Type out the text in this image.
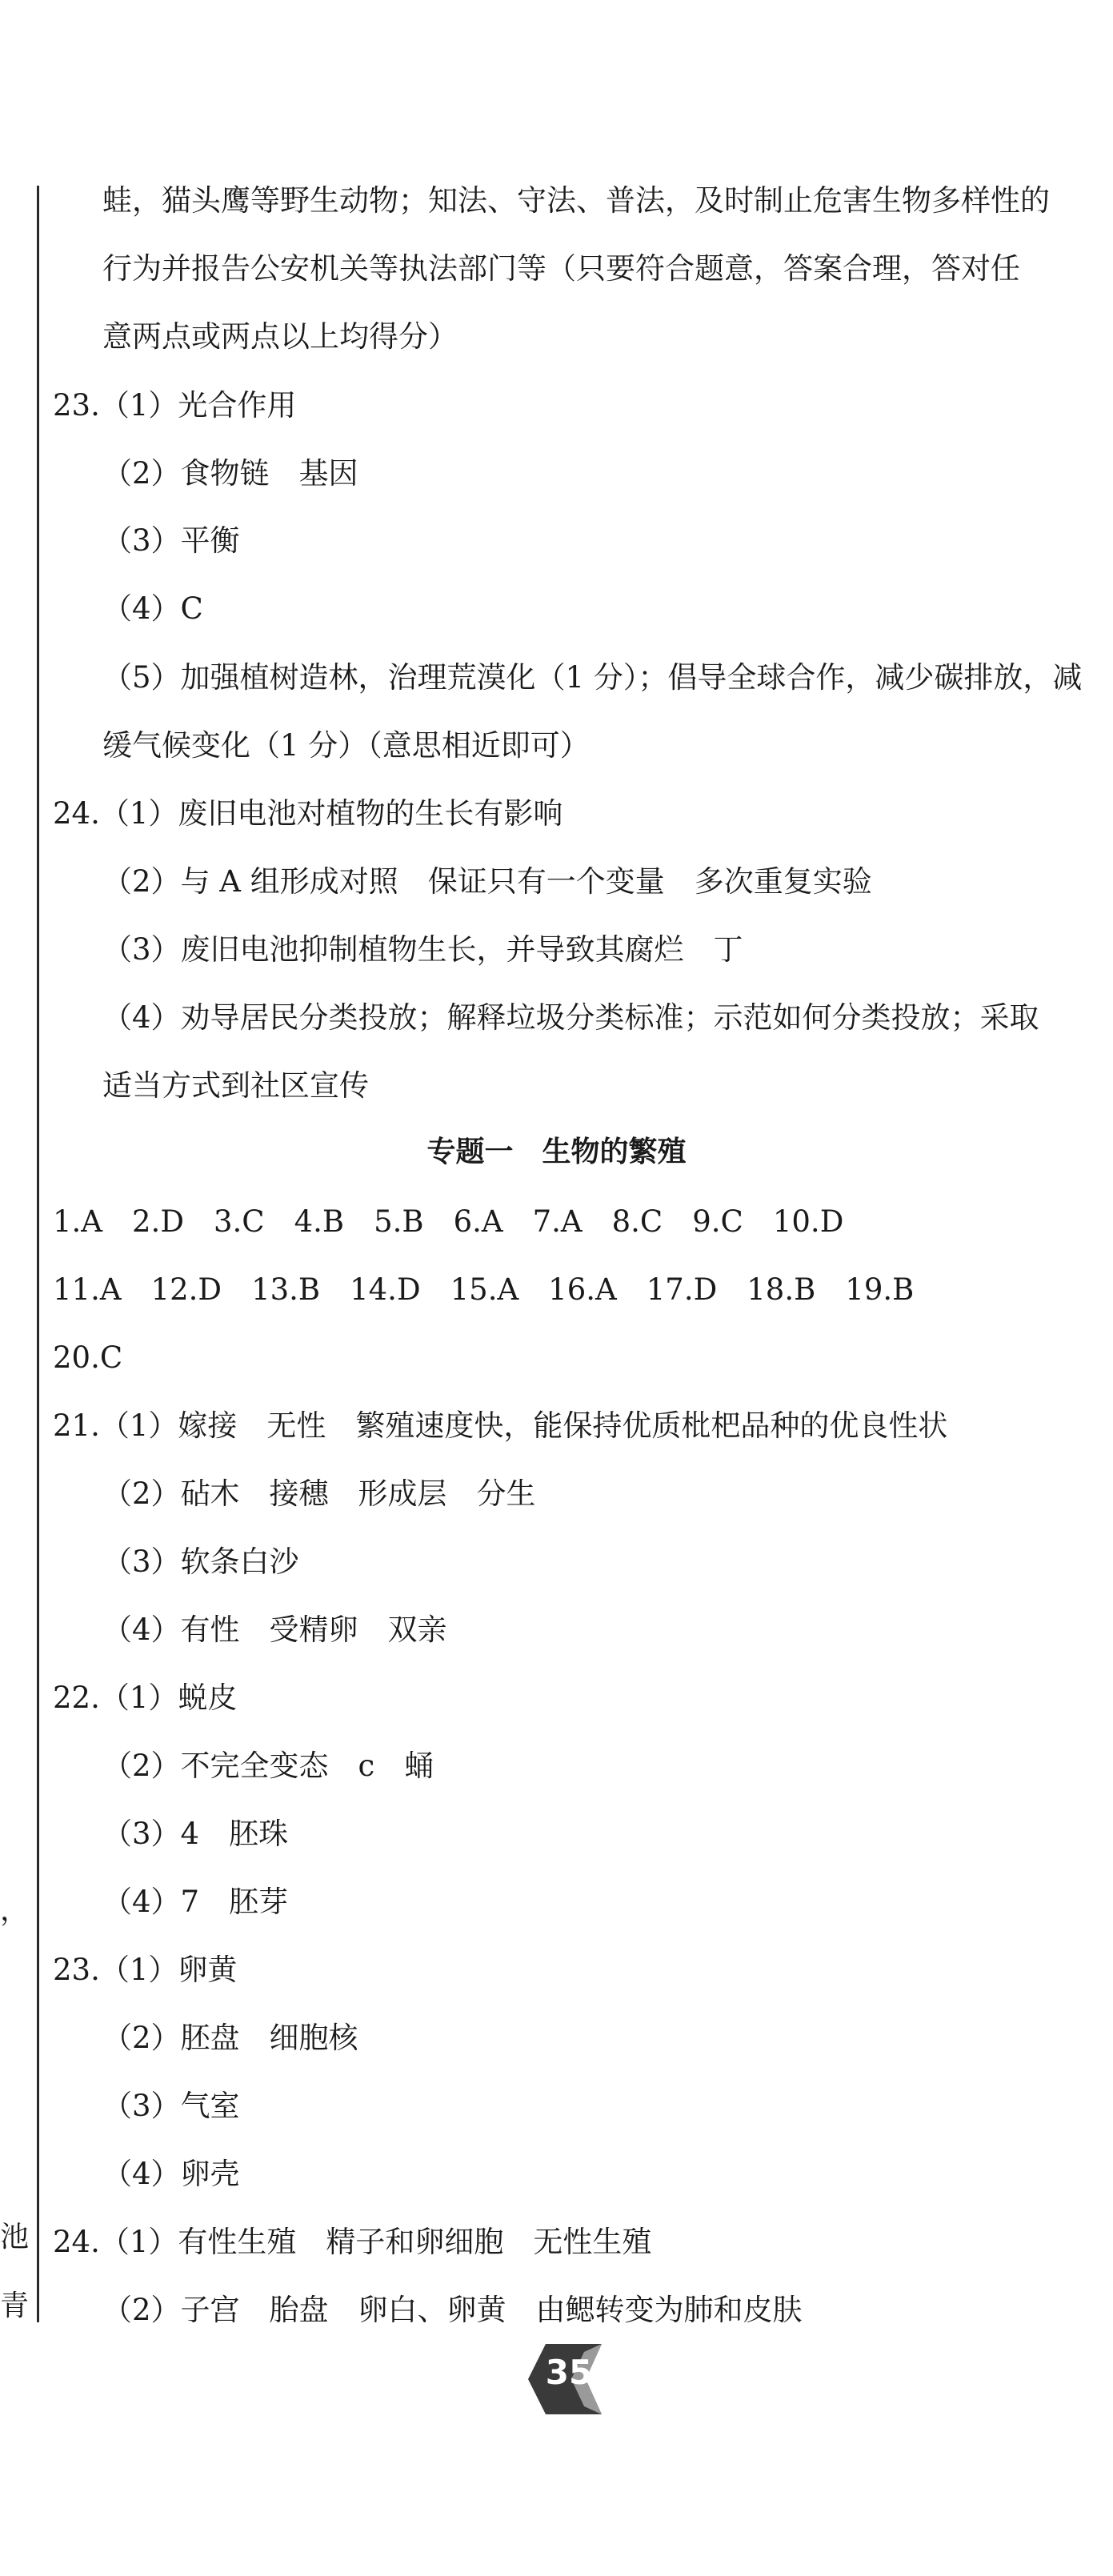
，
池
青
蛙，猫头鹰等野生动物；知法、守法、普法，及时制止危害生物多样性的
行为并报告公安机关等执法部门等（只要符合题意，答案合理，答对任
意两点或两点以上均得分）
23.（1）光合作用
（2）食物链　基因
（3）平衡
（4）C
（5）加强植树造林，治理荒漠化（1 分）；倡导全球合作，减少碳排放，减
缓气候变化（1 分）（意思相近即可）
24.（1）废旧电池对植物的生长有影响
（2）与 A 组形成对照　保证只有一个变量　多次重复实验
（3）废旧电池抑制植物生长，并导致其腐烂　丁
（4）劝导居民分类投放；解释垃圾分类标准；示范如何分类投放；采取
适当方式到社区宣传
专题一　生物的繁殖
1.A　2.D　3.C　4.B　5.B　6.A　7.A　8.C　9.C　10.D
11.A　12.D　13.B　14.D　15.A　16.A　17.D　18.B　19.B
20.C
21.（1）嫁接　无性　繁殖速度快，能保持优质枇杷品种的优良性状
（2）砧木　接穗　形成层　分生
（3）软条白沙
（4）有性　受精卵　双亲
22.（1）蜕皮
（2）不完全变态　c　蛹
（3）4　胚珠
（4）7　胚芽
23.（1）卵黄
（2）胚盘　细胞核
（3）气室
（4）卵壳
24.（1）有性生殖　精子和卵细胞　无性生殖
（2）子宫　胎盘　卵白、卵黄　由鳃转变为肺和皮肤
35
